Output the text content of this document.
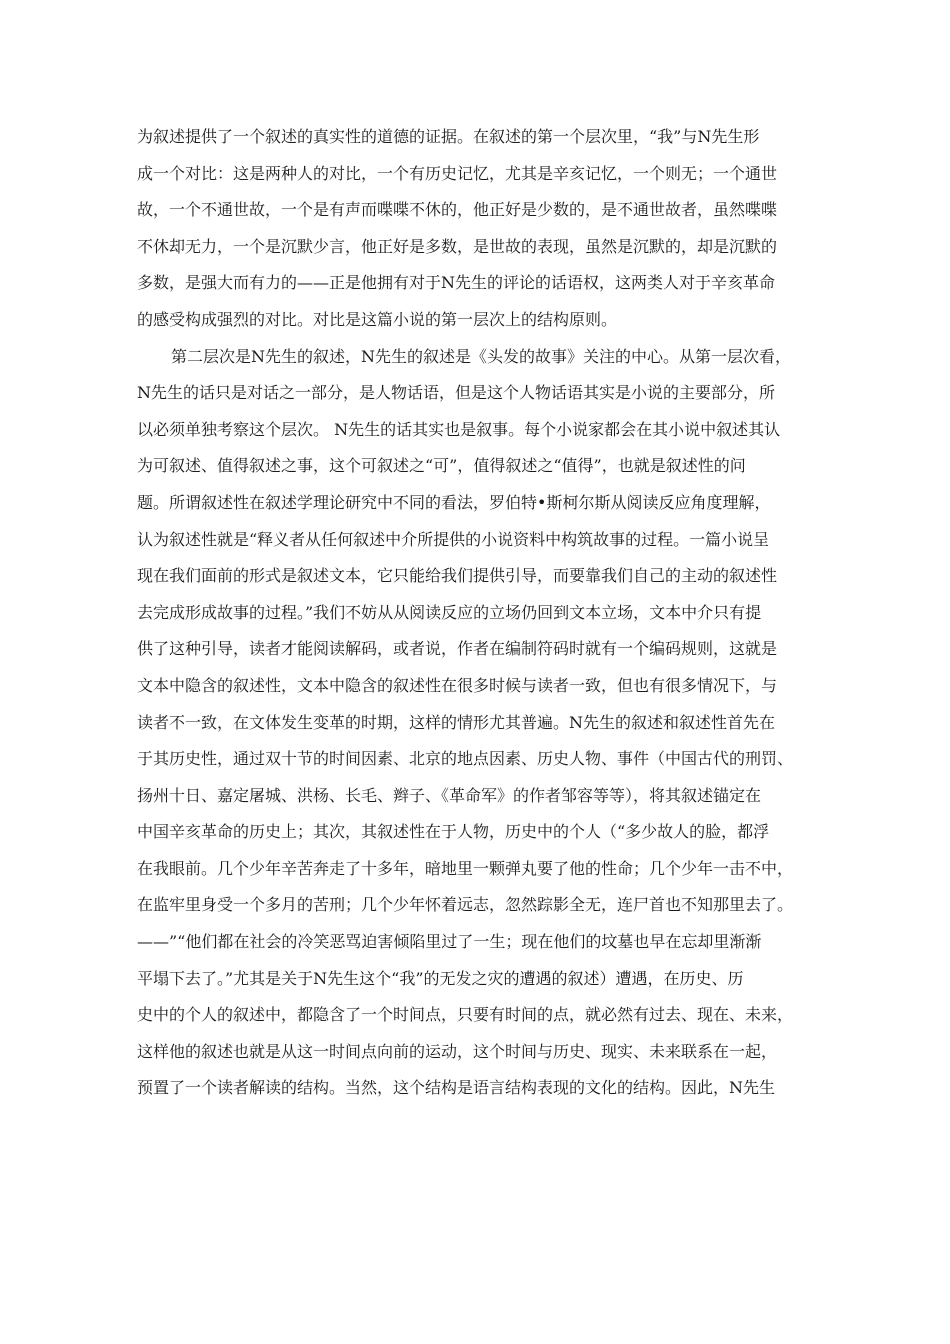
为叙述提供了一个叙述的真实性的道德的证据。在叙述的第一个层次里，“我”与N先生形
成一个对比：这是两种人的对比，一个有历史记忆，尤其是辛亥记忆，一个则无；一个通世
故，一个不通世故，一个是有声而喋喋不休的，他正好是少数的，是不通世故者，虽然喋喋
不休却无力，一个是沉默少言，他正好是多数，是世故的表现，虽然是沉默的，却是沉默的
多数，是强大而有力的——正是他拥有对于N先生的评论的话语权，这两类人对于辛亥革命
的感受构成强烈的对比。对比是这篇小说的第一层次上的结构原则。
第二层次是N先生的叙述，N先生的叙述是《头发的故事》关注的中心。从第一层次看，
N先生的话只是对话之一部分，是人物话语，但是这个人物话语其实是小说的主要部分，所
以必须单独考察这个层次。 N先生的话其实也是叙事。每个小说家都会在其小说中叙述其认
为可叙述、值得叙述之事，这个可叙述之“可”，值得叙述之“值得”，也就是叙述性的问
题。所谓叙述性在叙述学理论研究中不同的看法，罗伯特•斯柯尔斯从阅读反应角度理解，
认为叙述性就是“释义者从任何叙述中介所提供的小说资料中构筑故事的过程。一篇小说呈
现在我们面前的形式是叙述文本，它只能给我们提供引导，而要靠我们自己的主动的叙述性
去完成形成故事的过程。”我们不妨从从阅读反应的立场仍回到文本立场，文本中介只有提
供了这种引导，读者才能阅读解码，或者说，作者在编制符码时就有一个编码规则，这就是
文本中隐含的叙述性，文本中隐含的叙述性在很多时候与读者一致，但也有很多情况下，与
读者不一致，在文体发生变革的时期，这样的情形尤其普遍。N先生的叙述和叙述性首先在
于其历史性，通过双十节的时间因素、北京的地点因素、历史人物、事件（中国古代的刑罚、
扬州十日、嘉定屠城、洪杨、长毛、辫子、《革命军》的作者邹容等等），将其叙述锚定在
中国辛亥革命的历史上；其次，其叙述性在于人物，历史中的个人（“多少故人的脸，都浮
在我眼前。几个少年辛苦奔走了十多年，暗地里一颗弹丸要了他的性命；几个少年一击不中，
在监牢里身受一个多月的苦刑；几个少年怀着远志，忽然踪影全无，连尸首也不知那里去了。
——”“他们都在社会的冷笑恶骂迫害倾陷里过了一生；现在他们的坟墓也早在忘却里渐渐
平塌下去了。”尤其是关于N先生这个“我”的无发之灾的遭遇的叙述）遭遇，在历史、历
史中的个人的叙述中，都隐含了一个时间点，只要有时间的点，就必然有过去、现在、未来，
这样他的叙述也就是从这一时间点向前的运动，这个时间与历史、现实、未来联系在一起，
预置了一个读者解读的结构。当然，这个结构是语言结构表现的文化的结构。因此，N先生
